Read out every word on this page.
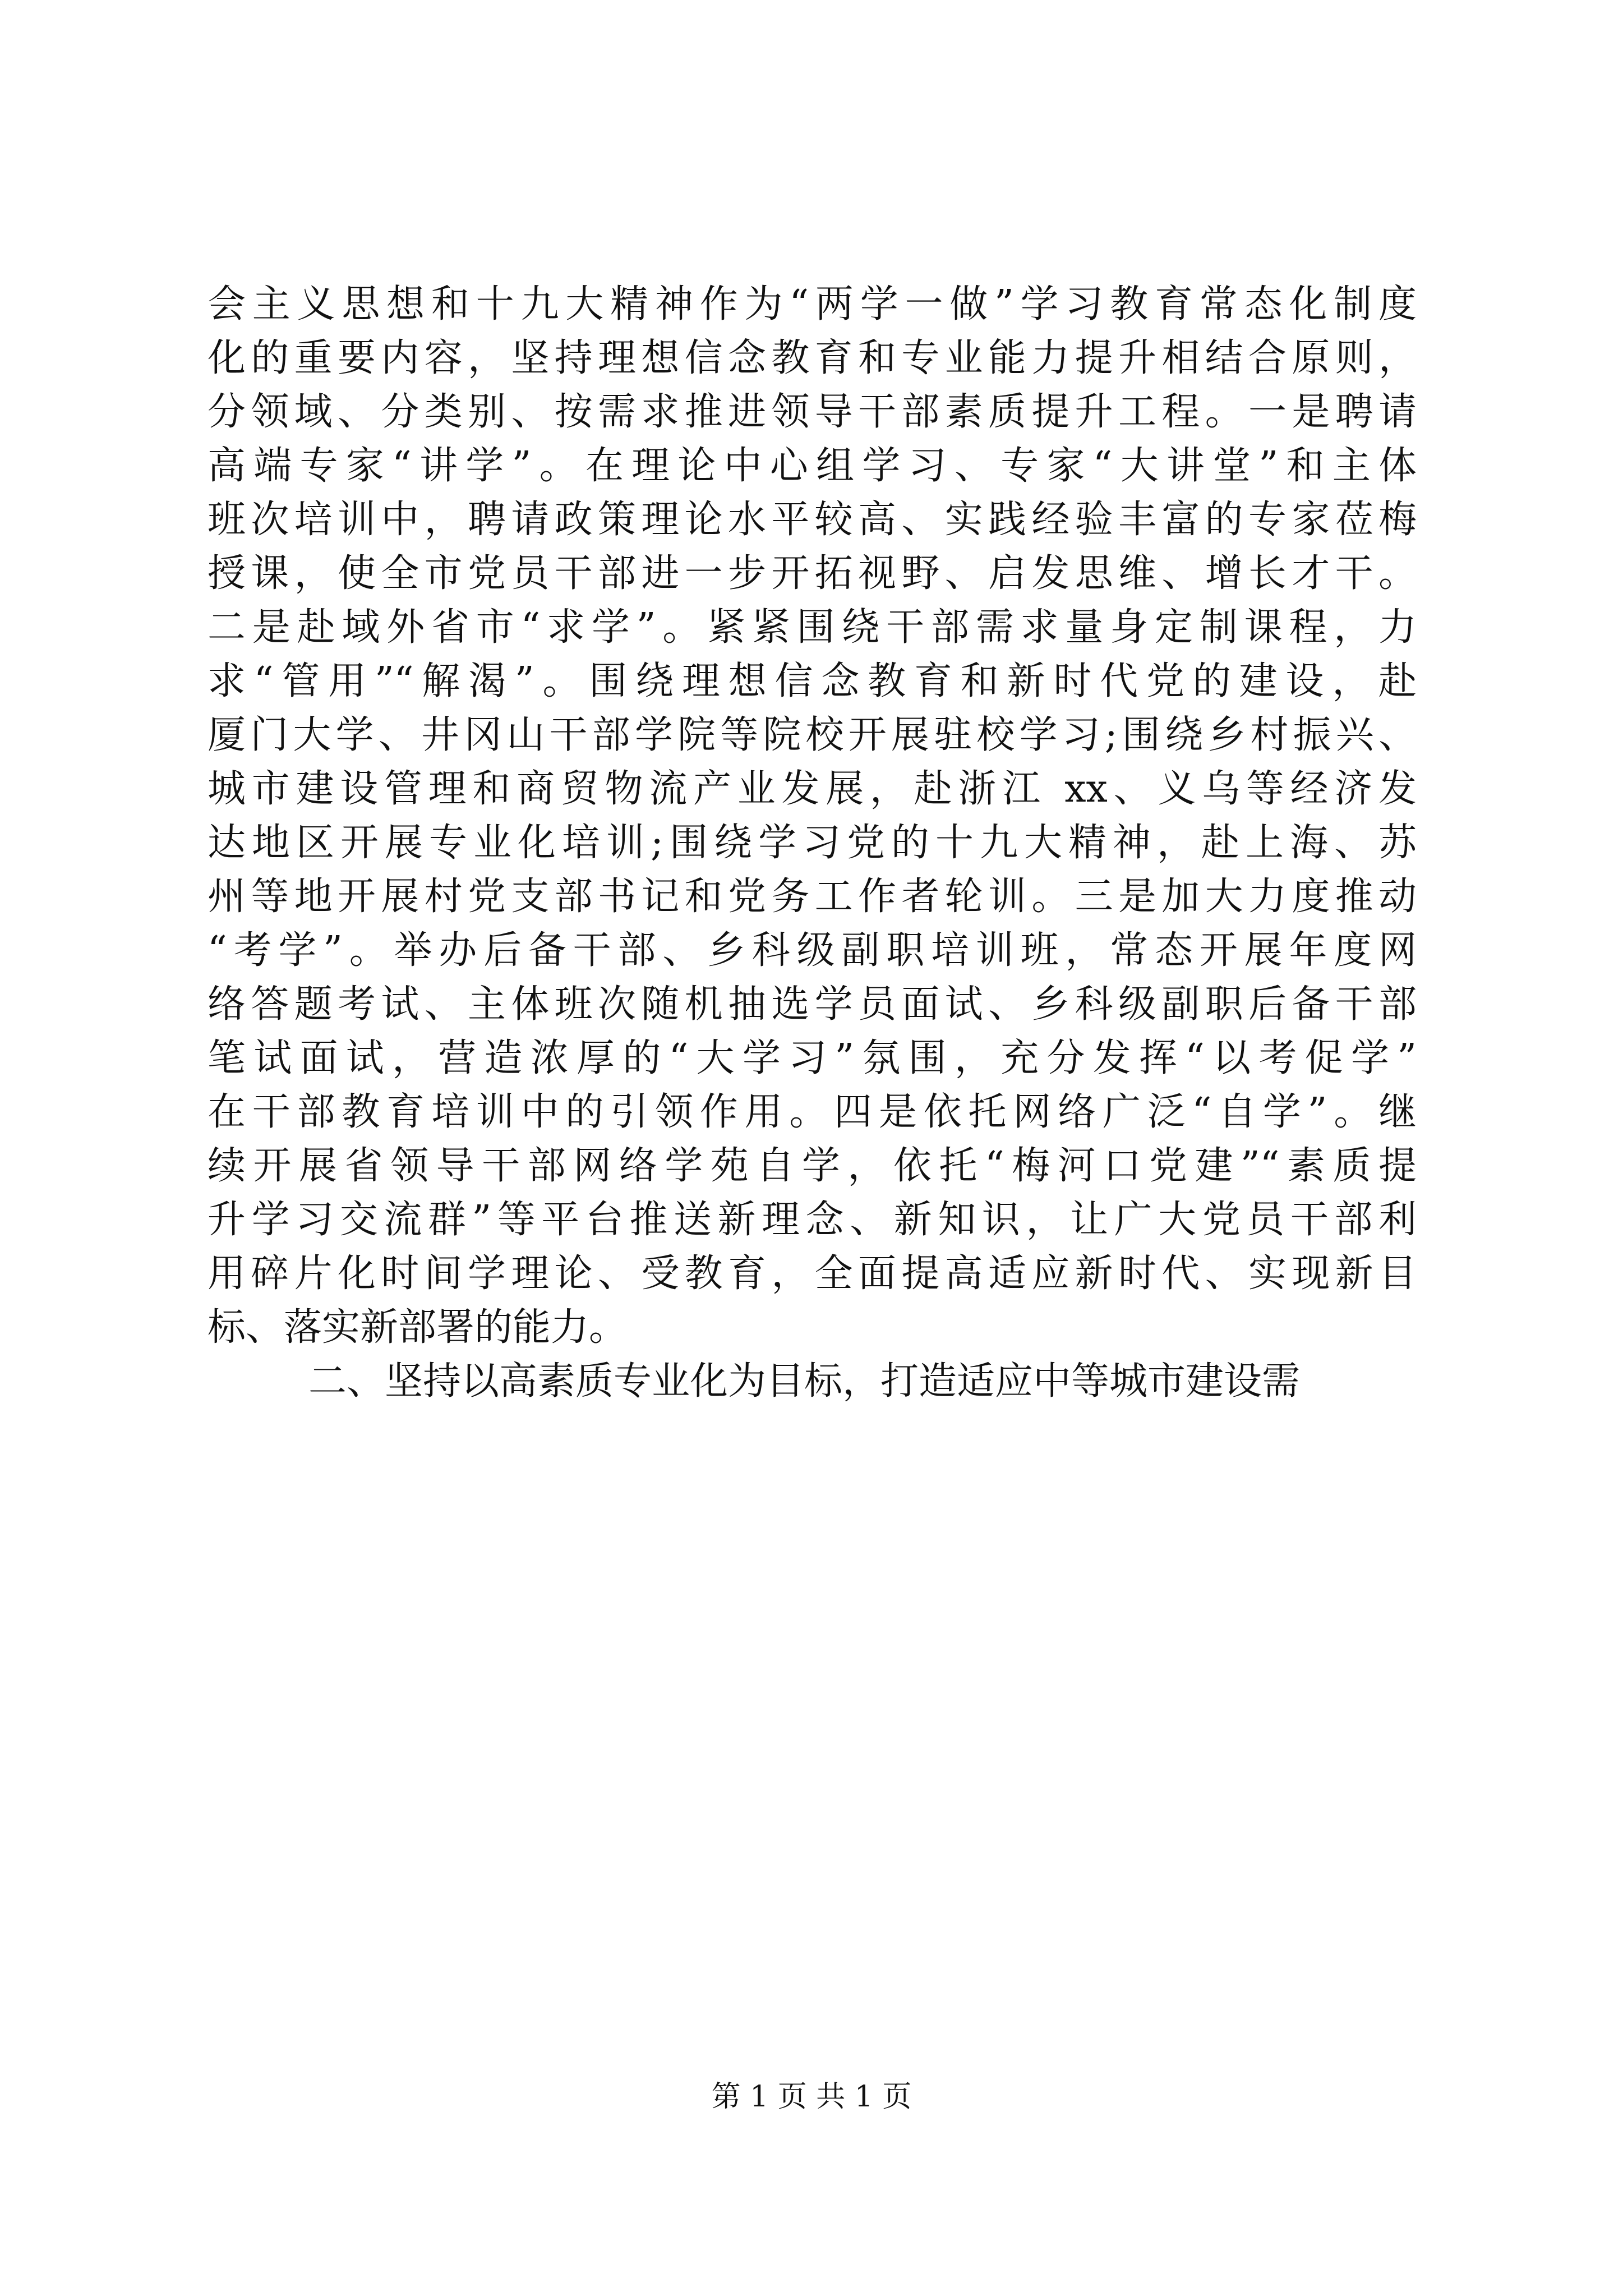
会主义思想和十九大精神作为“两学一做”学习教育常态化制度
化的重要内容，坚持理想信念教育和专业能力提升相结合原则，
分领域、分类别、按需求推进领导干部素质提升工程。一是聘请
高端专家“讲学”。在理论中心组学习、专家“大讲堂”和主体
班次培训中，聘请政策理论水平较高、实践经验丰富的专家莅梅
授课，使全市党员干部进一步开拓视野、启发思维、增长才干。
二是赴域外省市“求学”。紧紧围绕干部需求量身定制课程，力
求“管用”“解渴”。围绕理想信念教育和新时代党的建设，赴
厦门大学、井冈山干部学院等院校开展驻校学习;围绕乡村振兴、
城市建设管理和商贸物流产业发展，赴浙江 xx、义乌等经济发
达地区开展专业化培训;围绕学习党的十九大精神，赴上海、苏
州等地开展村党支部书记和党务工作者轮训。三是加大力度推动
“考学”。举办后备干部、乡科级副职培训班，常态开展年度网
络答题考试、主体班次随机抽选学员面试、乡科级副职后备干部
笔试面试，营造浓厚的“大学习”氛围，充分发挥“以考促学”
在干部教育培训中的引领作用。四是依托网络广泛“自学”。继
续开展省领导干部网络学苑自学，依托“梅河口党建”“素质提
升学习交流群”等平台推送新理念、新知识，让广大党员干部利
用碎片化时间学理论、受教育，全面提高适应新时代、实现新目
标、落实新部署的能力。
二、坚持以高素质专业化为目标，打造适应中等城市建设需
第 1 页 共 1 页
